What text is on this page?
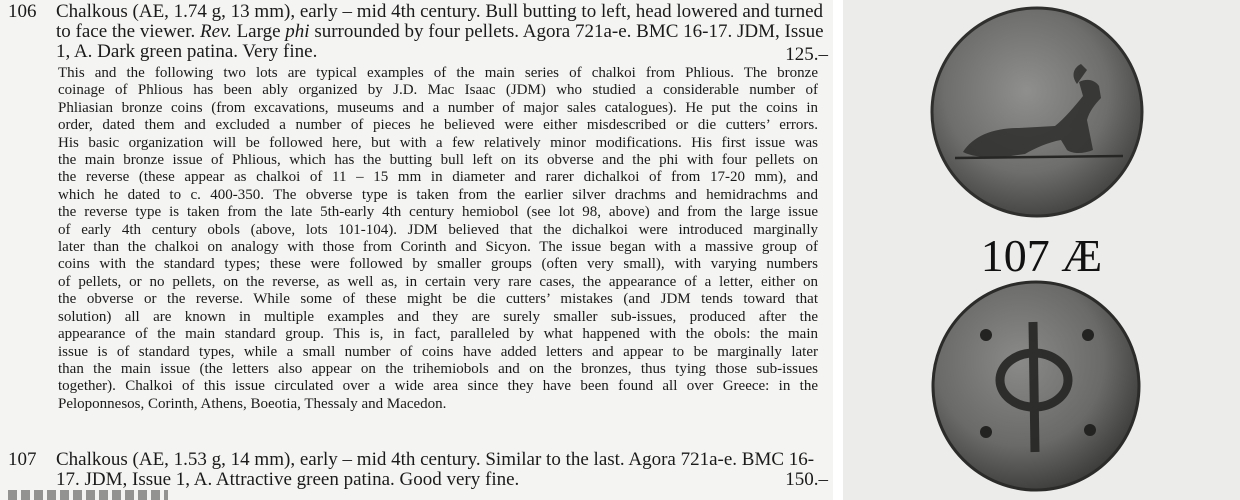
106 Chalkous (AE, 1.74 g, 13 mm), early – mid 4th century. Bull butting to left, head lowered and turned
to face the viewer. Rev. Large phi surrounded by four pellets. Agora 721a-e. BMC 16-17. JDM, Issue
1, A. Dark green patina. Very fine.	125.–
This and the following two lots are typical examples of the main series of chalkoi from Phlious. The bronze
coinage of Phlious has been ably organized by J.D. Mac Isaac (JDM) who studied a considerable number of
Phliasian bronze coins (from excavations, museums and a number of major sales catalogues). He put the coins in
order, dated them and excluded a number of pieces he believed were either misdescribed or die cutters’ errors.
His basic organization will be followed here, but with a few relatively minor modifications. His first issue was
the main bronze issue of Phlious, which has the butting bull left on its obverse and the phi with four pellets on
the reverse (these appear as chalkoi of 11 – 15 mm in diameter and rarer dichalkoi of from 17-20 mm), and
which he dated to c. 400-350. The obverse type is taken from the earlier silver drachms and hemidrachms and
the reverse type is taken from the late 5th-early 4th century hemiobol (see lot 98, above) and from the large issue
of early 4th century obols (above, lots 101-104). JDM believed that the dichalkoi were introduced marginally
later than the chalkoi on analogy with those from Corinth and Sicyon. The issue began with a massive group of
coins with the standard types; these were followed by smaller groups (often very small), with varying numbers
of pellets, or no pellets, on the reverse, as well as, in certain very rare cases, the appearance of a letter, either on
the obverse or the reverse. While some of these might be die cutters’ mistakes (and JDM tends toward that
solution) all are known in multiple examples and they are surely smaller sub-issues, produced after the
appearance of the main standard group. This is, in fact, paralleled by what happened with the obols: the main
issue is of standard types, while a small number of coins have added letters and appear to be marginally later
than the main issue (the letters also appear on the trihemiobols and on the bronzes, thus tying those sub-issues
together). Chalkoi of this issue circulated over a wide area since they have been found all over Greece: in the
Peloponnesos, Corinth, Athens, Boeotia, Thessaly and Macedon.
107 Chalkous (AE, 1.53 g, 14 mm), early – mid 4th century. Similar to the last. Agora 721a-e. BMC 16-
17. JDM, Issue 1, A. Attractive green patina. Good very fine.	150.–
107 Æ
